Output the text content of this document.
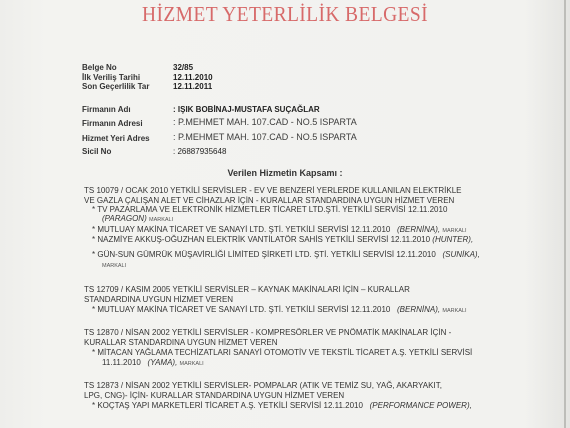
HİZMET YETERLİLİK BELGESİ
Belge No	32/85
İlk Veriliş Tarihi	12.11.2010
Son Geçerlilik Tar	12.11.2011
Firmanın Adı	: IŞIK BOBİNAJ-MUSTAFA SUÇAĞLAR
Firmanın Adresi	: P.MEHMET MAH. 107.CAD - NO.5 ISPARTA
Hizmet Yeri Adres	: P.MEHMET MAH. 107.CAD - NO.5 ISPARTA
Sicil No	: 26887935648
Verilen Hizmetin Kapsamı :
TS 10079 / OCAK 2010 YETKİLİ SERVİSLER - EV VE BENZERİ YERLERDE KULLANILAN ELEKTRİKLE
VE GAZLA ÇALIŞAN ALET VE CİHAZLAR İÇİN - KURALLAR STANDARDINA UYGUN HİZMET VEREN
* TV PAZARLAMA VE ELEKTRONİK HİZMETLER TİCARET LTD.ŞTİ. YETKİLİ SERVİSİ 12.11.2010
(PARAGON) MARKALI
* MUTLUAY MAKİNA TİCARET VE SANAYİ LTD. ŞTİ. YETKİLİ SERVİSİ 12.11.2010 (BERNİNA), MARKALI
* NAZMİYE AKKUŞ-OĞUZHAN ELEKTRİK VANTİLATÖR SAHİS YETKİLİ SERVİSİ 12.11.2010 (HUNTER),
* GÜN-SUN GÜMRÜK MÜŞAVİRLİĞİ LİMİTED ŞİRKETİ LTD. ŞTİ. YETKİLİ SERVİSİ 12.11.2010 (SUNİKA),
MARKALI
TS 12709 / KASIM 2005 YETKİLİ SERVİSLER – KAYNAK MAKİNALARI İÇİN – KURALLAR
STANDARDINA UYGUN HİZMET VEREN
* MUTLUAY MAKİNA TİCARET VE SANAYİ LTD. ŞTİ. YETKİLİ SERVİSİ 12.11.2010 (BERNİNA), MARKALI
TS 12870 / NİSAN 2002 YETKİLİ SERVİSLER - KOMPRESÖRLER VE PNÖMATİK MAKİNALAR İÇİN -
KURALLAR STANDARDINA UYGUN HİZMET VEREN
* MİTACAN YAĞLAMA TECHİZATLARI SANAYİ OTOMOTİV VE TEKSTİL TİCARET A.Ş. YETKİLİ SERVİSİ
11.11.2010 (YAMA), MARKALI
TS 12873 / NİSAN 2002 YETKİLİ SERVİSLER- POMPALAR (ATIK VE TEMİZ SU, YAĞ, AKARYAKIT,
LPG, CNG)- İÇİN- KURALLAR STANDARDINA UYGUN HİZMET VEREN
* KOÇTAŞ YAPI MARKETLERİ TİCARET A.Ş. YETKİLİ SERVİSİ 12.11.2010 (PERFORMANCE POWER),
